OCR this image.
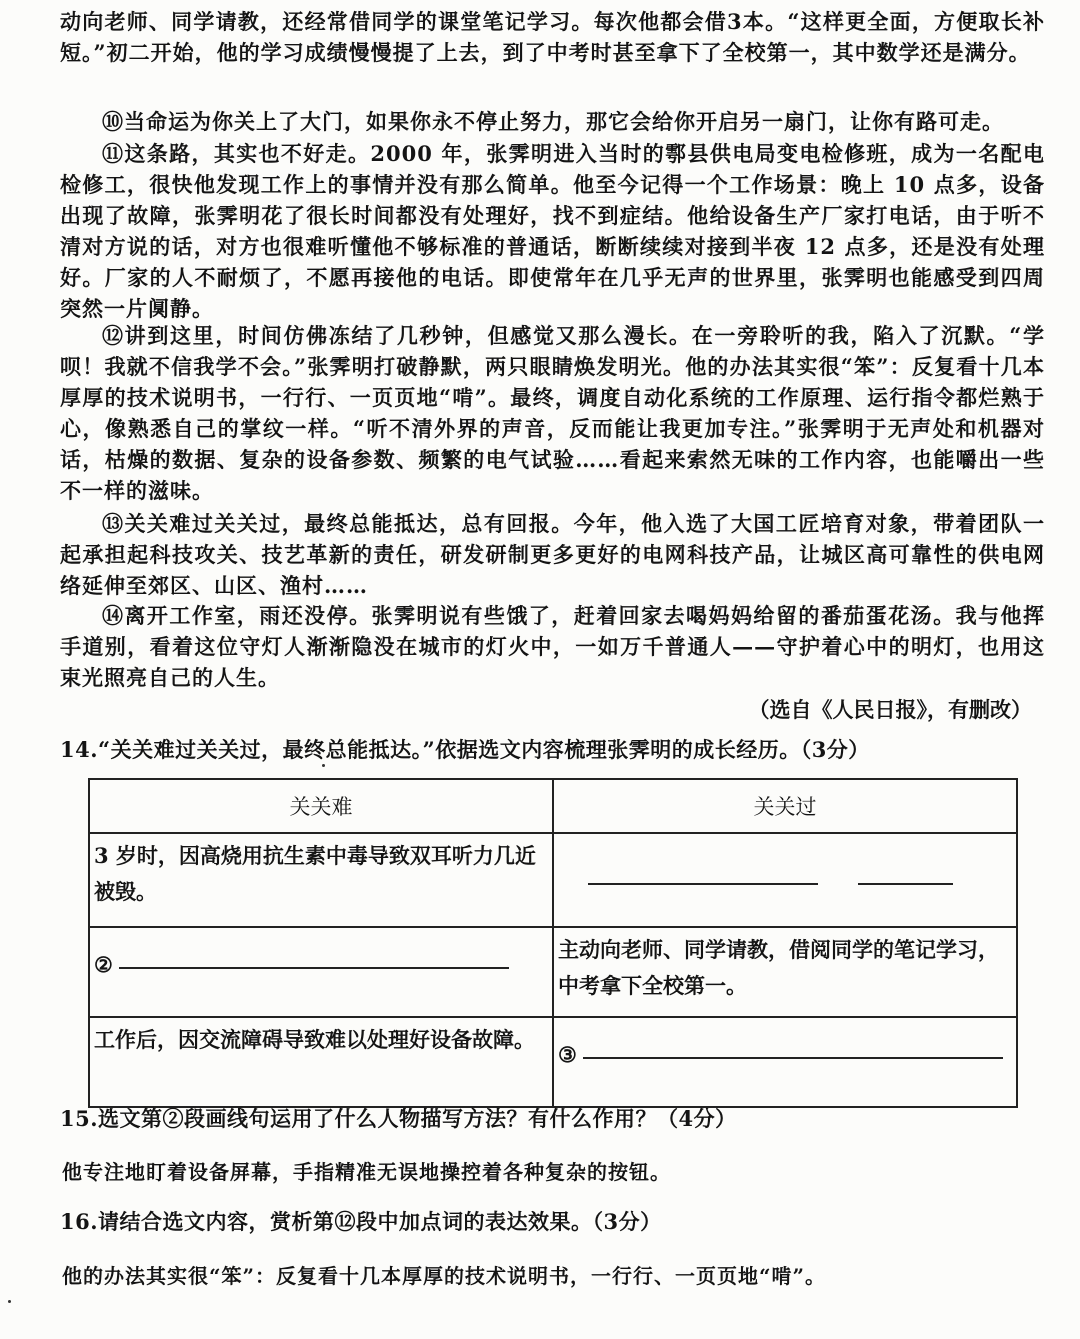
动向老师、同学请教，还经常借同学的课堂笔记学习。每次他都会借3本。“这样更全面，方便取长补短。”初二开始，他的学习成绩慢慢提了上去，到了中考时甚至拿下了全校第一，其中数学还是满分。

⑩当命运为你关上了大门，如果你永不停止努力，那它会给你开启另一扇门，让你有路可走。

⑪这条路，其实也不好走。2000 年，张霁明进入当时的鄠县供电局变电检修班，成为一名配电检修工，很快他发现工作上的事情并没有那么简单。他至今记得一个工作场景：晚上 10 点多，设备出现了故障，张霁明花了很长时间都没有处理好，找不到症结。他给设备生产厂家打电话，由于听不清对方说的话，对方也很难听懂他不够标准的普通话，断断续续对接到半夜 12 点多，还是没有处理好。厂家的人不耐烦了，不愿再接他的电话。即使常年在几乎无声的世界里，张霁明也能感受到四周突然一片阒静。

⑫讲到这里，时间仿佛冻结了几秒钟，但感觉又那么漫长。在一旁聆听的我，陷入了沉默。“学呗！我就不信我学不会。”张霁明打破静默，两只眼睛焕发明光。他的办法其实很“笨”：反复看十几本厚厚的技术说明书，一行行、一页页地“啃”。最终，调度自动化系统的工作原理、运行指令都烂熟于心，像熟悉自己的掌纹一样。“听不清外界的声音，反而能让我更加专注。”张霁明于无声处和机器对话，枯燥的数据、复杂的设备参数、频繁的电气试验……看起来索然无味的工作内容，也能嚼出一些不一样的滋味。

⑬关关难过关关过，最终总能抵达，总有回报。今年，他入选了大国工匠培育对象，带着团队一起承担起科技攻关、技艺革新的责任，研发研制更多更好的电网科技产品，让城区高可靠性的供电网络延伸至郊区、山区、渔村……

⑭离开工作室，雨还没停。张霁明说有些饿了，赶着回家去喝妈妈给留的番茄蛋花汤。我与他挥手道别，看着这位守灯人渐渐隐没在城市的灯火中，一如万千普通人——守护着心中的明灯，也用这束光照亮自己的人生。

（选自《人民日报》，有删改）
14.“关关难过关关过，最终总能抵达。”依据选文内容梳理张霁明的成长经历。（3分）
关关难	关关过

3 岁时，因高烧用抗生素中毒导致双耳听力几近被毁。	

②	主动向老师、同学请教，借阅同学的笔记学习，中考拿下全校第一。

工作后，因交流障碍导致难以处理好设备故障。	③
15.选文第②段画线句运用了什么人物描写方法？有什么作用？（4分）
他专注地盯着设备屏幕，手指精准无误地操控着各种复杂的按钮。
16.请结合选文内容，赏析第⑫段中加点词的表达效果。（3分）
他的办法其实很“笨”：反复看十几本厚厚的技术说明书，一行行、一页页地“啃”。
